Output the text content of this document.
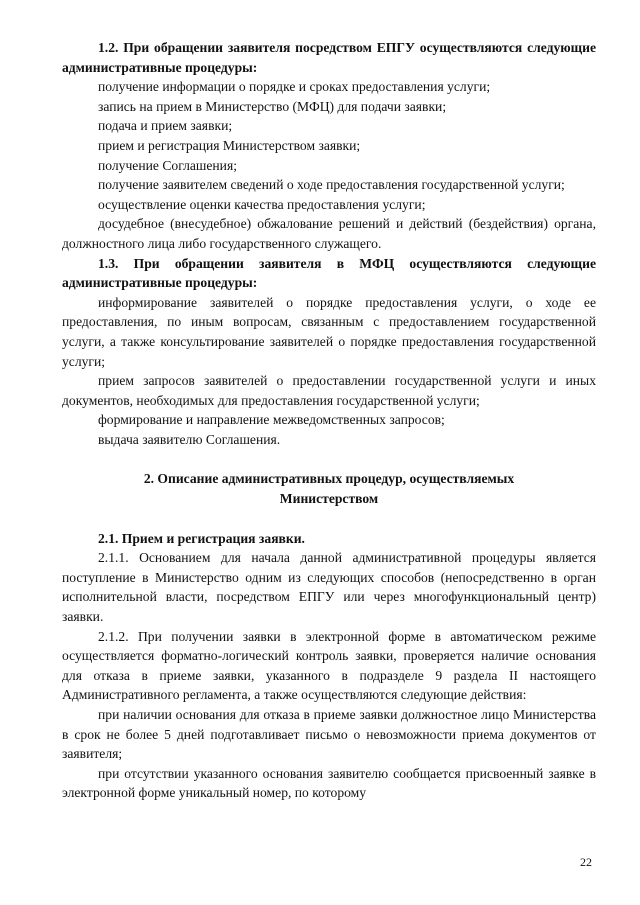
1.2. При обращении заявителя посредством ЕПГУ осуществляются следующие административные процедуры:

получение информации о порядке и сроках предоставления услуги;

запись на прием в Министерство (МФЦ) для подачи заявки;

подача и прием заявки;

прием и регистрация Министерством заявки;

получение Соглашения;

получение заявителем сведений о ходе предоставления государственной услуги;

осуществление оценки качества предоставления услуги;

досудебное (внесудебное) обжалование решений и действий (бездействия) органа, должностного лица либо государственного служащего.

1.3. При обращении заявителя в МФЦ осуществляются следующие административные процедуры:

информирование заявителей о порядке предоставления услуги, о ходе ее предоставления, по иным вопросам, связанным с предоставлением государственной услуги, а также консультирование заявителей о порядке предоставления государственной услуги;

прием запросов заявителей о предоставлении государственной услуги и иных документов, необходимых для предоставления государственной услуги;

формирование и направление межведомственных запросов;

выдача заявителю Соглашения.

2. Описание административных процедур, осуществляемых

Министерством

2.1. Прием и регистрация заявки.

2.1.1. Основанием для начала данной административной процедуры является поступление в Министерство одним из следующих способов (непосредственно в орган исполнительной власти, посредством ЕПГУ или через многофункциональный центр) заявки.

2.1.2. При получении заявки в электронной форме в автоматическом режиме осуществляется форматно-логический контроль заявки, проверяется наличие основания для отказа в приеме заявки, указанного в подразделе 9 раздела II настоящего Административного регламента, а также осуществляются следующие действия:

при наличии основания для отказа в приеме заявки должностное лицо Министерства в срок не более 5 дней подготавливает письмо о невозможности приема документов от заявителя;

при отсутствии указанного основания заявителю сообщается присвоенный заявке в электронной форме уникальный номер, по которому

22
